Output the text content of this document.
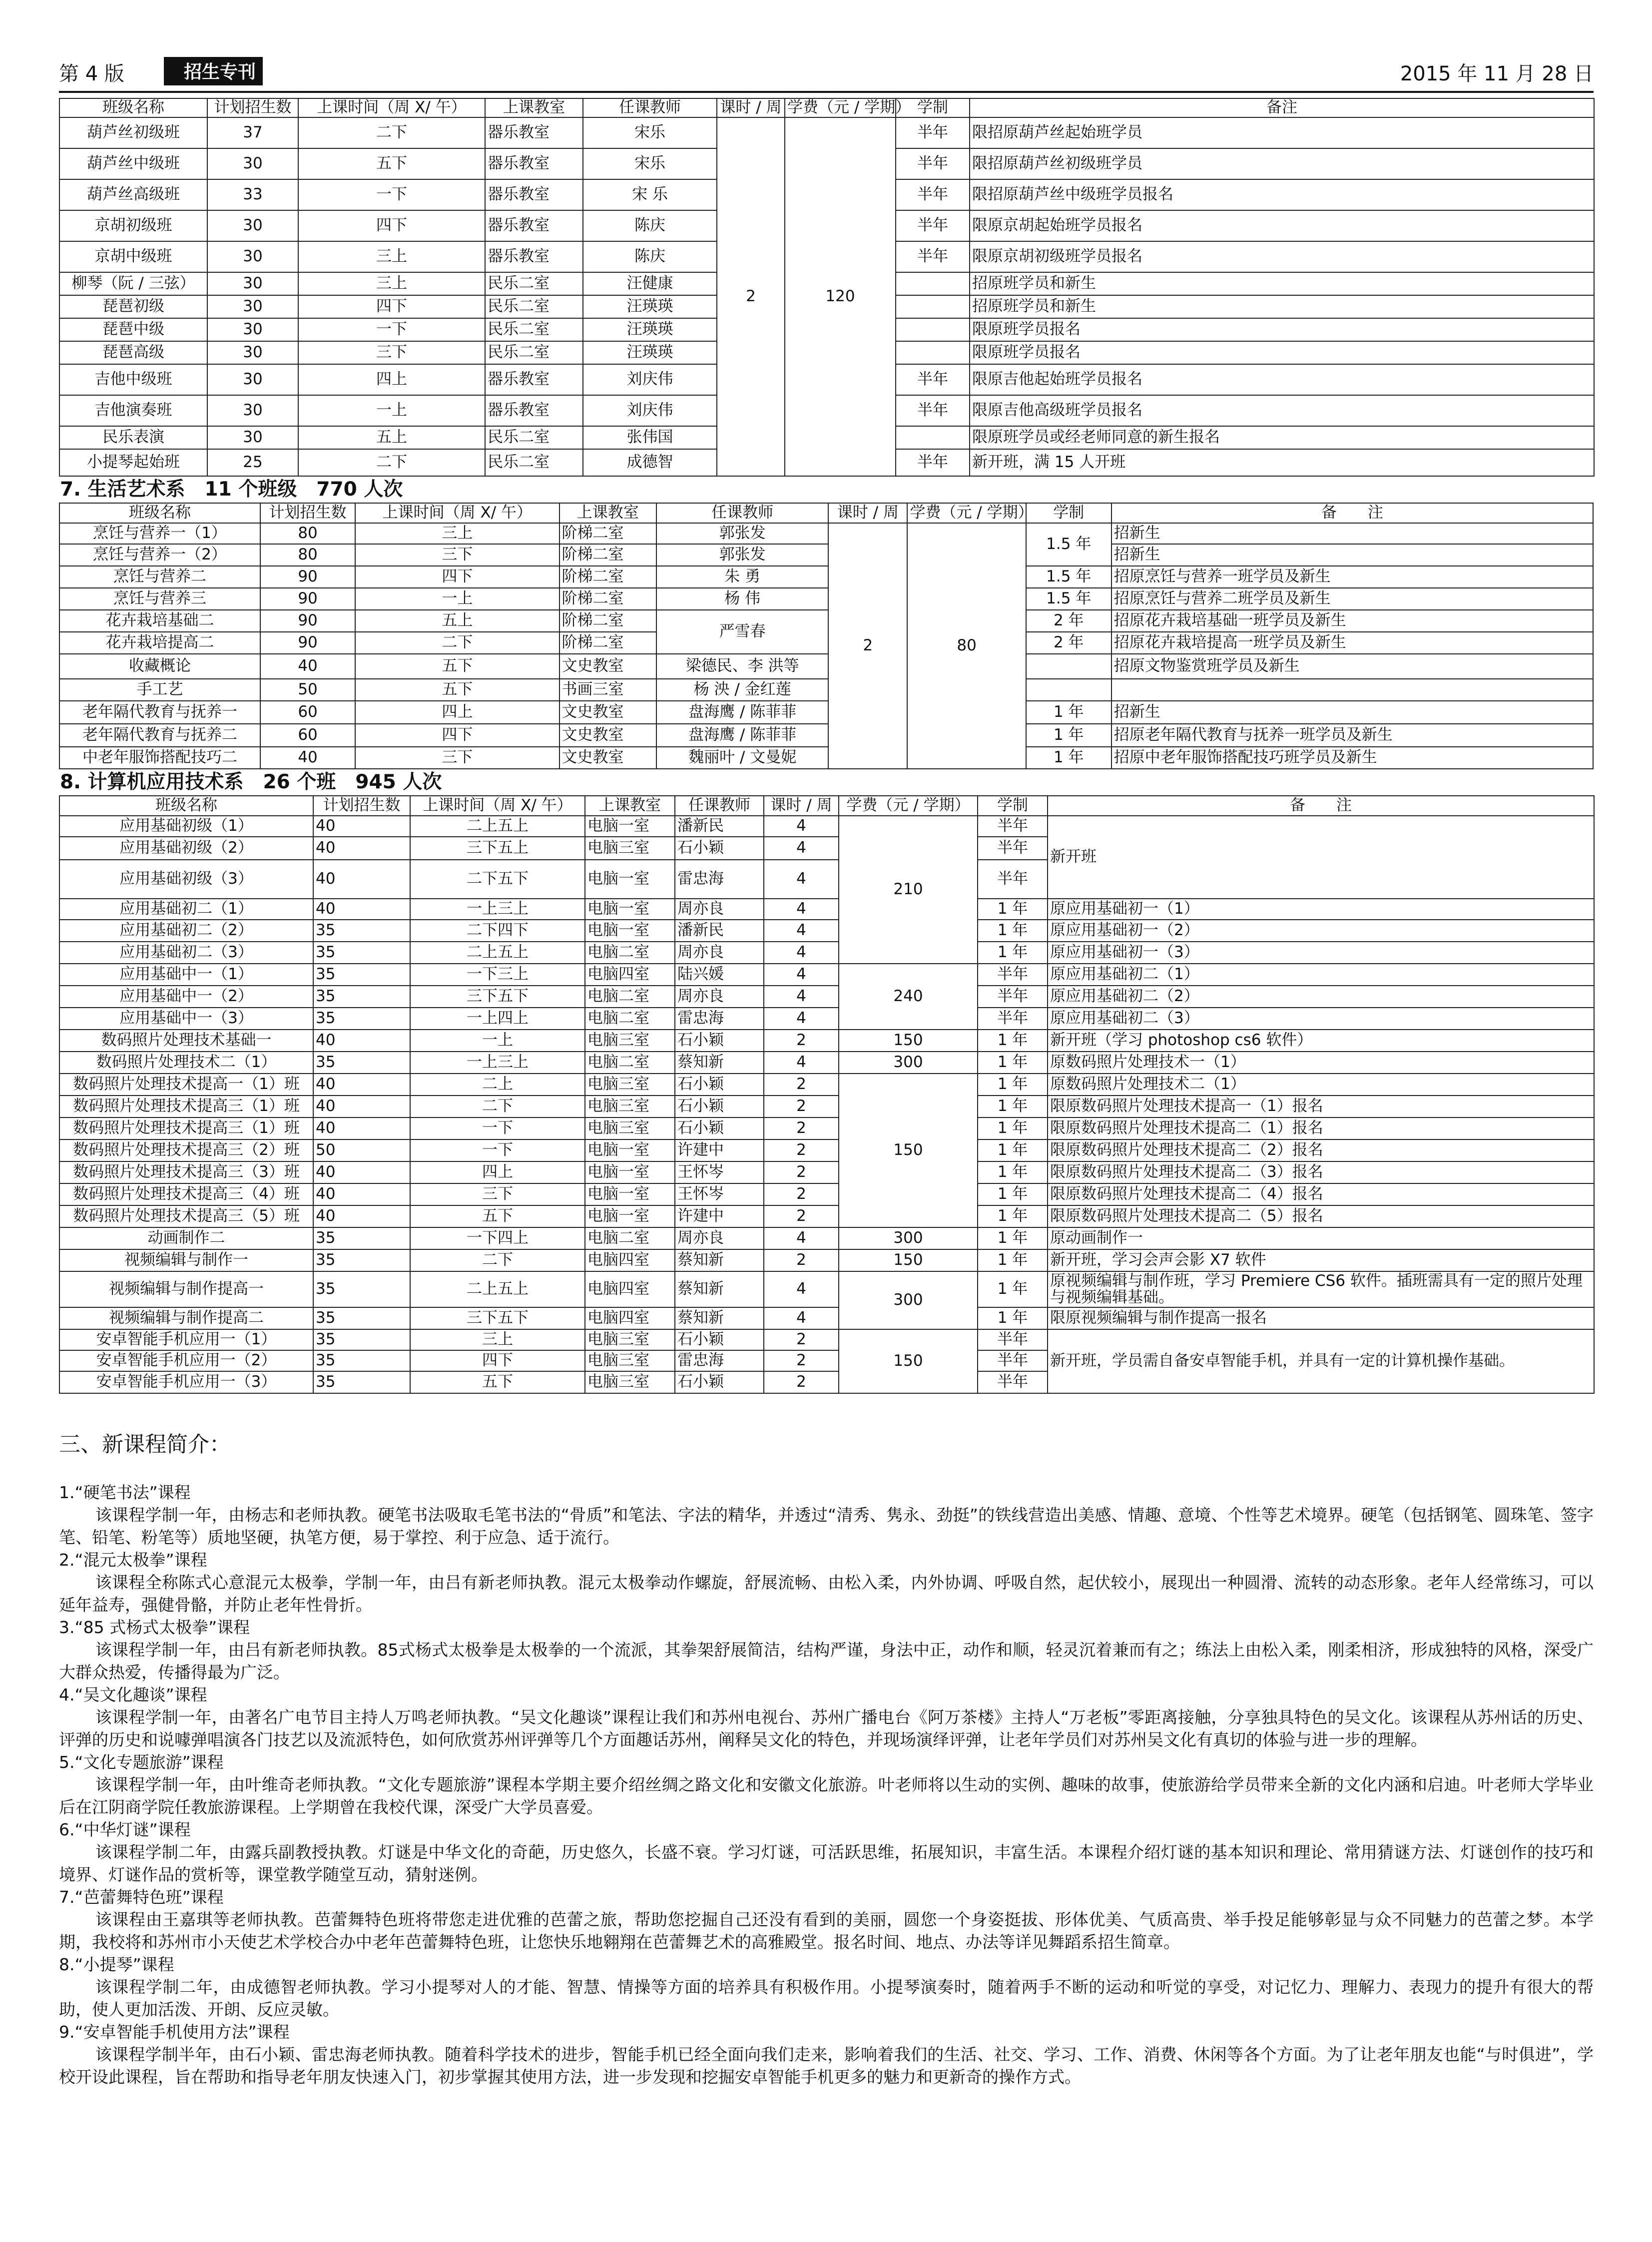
第 4 版	招生专刊	2015 年 11 月 28 日
班级名称	计划招生数	上课时间（周 X/ 午）	上课教室	任课教师	课时 / 周	学费（元 / 学期）	学制	备注
葫芦丝初级班	37	二下	器乐教室	宋乐	2	120	半年	限招原葫芦丝起始班学员
葫芦丝中级班	30	五下	器乐教室	宋乐			半年	限招原葫芦丝初级班学员
葫芦丝高级班	33	一下	器乐教室	宋 乐			半年	限招原葫芦丝中级班学员报名
京胡初级班	30	四下	器乐教室	陈庆			半年	限原京胡起始班学员报名
京胡中级班	30	三上	器乐教室	陈庆			半年	限原京胡初级班学员报名
柳琴（阮 / 三弦）	30	三上	民乐二室	汪健康				招原班学员和新生
琵琶初级	30	四下	民乐二室	汪瑛瑛				招原班学员和新生
琵琶中级	30	一下	民乐二室	汪瑛瑛				限原班学员报名
琵琶高级	30	三下	民乐二室	汪瑛瑛				限原班学员报名
吉他中级班	30	四上	器乐教室	刘庆伟			半年	限原吉他起始班学员报名
吉他演奏班	30	一上	器乐教室	刘庆伟			半年	限原吉他高级班学员报名
民乐表演	30	五上	民乐二室	张伟国				限原班学员或经老师同意的新生报名
小提琴起始班	25	二下	民乐二室	成德智			半年	新开班，满 15 人开班
7. 生活艺术系　11 个班级　770 人次
班级名称	计划招生数	上课时间（周 X/ 午）	上课教室	任课教师	课时 / 周	学费（元 / 学期）	学制	备　　注
烹饪与营养一（1）	80	三上	阶梯二室	郭张发	2	80	1.5 年	招新生
烹饪与营养一（2）	80	三下	阶梯二室	郭张发				招新生
烹饪与营养二	90	四下	阶梯二室	朱 勇			1.5 年	招原烹饪与营养一班学员及新生
烹饪与营养三	90	一上	阶梯二室	杨 伟			1.5 年	招原烹饪与营养二班学员及新生
花卉栽培基础二	90	五上	阶梯二室	严雪春			2 年	招原花卉栽培基础一班学员及新生
花卉栽培提高二	90	二下	阶梯二室				2 年	招原花卉栽培提高一班学员及新生
收藏概论	40	五下	文史教室	梁德民、李 洪等				招原文物鉴赏班学员及新生
手工艺	50	五下	书画三室	杨 泱 / 金红莲				
老年隔代教育与抚养一	60	四上	文史教室	盘海鹰 / 陈菲菲			1 年	招新生
老年隔代教育与抚养二	60	四下	文史教室	盘海鹰 / 陈菲菲			1 年	招原老年隔代教育与抚养一班学员及新生
中老年服饰搭配技巧二	40	三下	文史教室	魏丽叶 / 文曼妮			1 年	招原中老年服饰搭配技巧班学员及新生
8. 计算机应用技术系　26 个班　945 人次
班级名称	计划招生数	上课时间（周 X/ 午）	上课教室	任课教师	课时 / 周	学费（元 / 学期）	学制	备　　注
应用基础初级（1）	40	二上五上	电脑一室	潘新民	4	210	半年	新开班
应用基础初级（2）	40	三下五上	电脑三室	石小颖	4		半年	
应用基础初级（3）	40	二下五下	电脑一室	雷忠海	4		半年	
应用基础初二（1）	40	一上三上	电脑一室	周亦良	4		1 年	原应用基础初一（1）
应用基础初二（2）	35	二下四下	电脑一室	潘新民	4		1 年	原应用基础初一（2）
应用基础初二（3）	35	二上五上	电脑二室	周亦良	4		1 年	原应用基础初一（3）
应用基础中一（1）	35	一下三上	电脑四室	陆兴媛	4	240	半年	原应用基础初二（1）
应用基础中一（2）	35	三下五下	电脑二室	周亦良	4		半年	原应用基础初二（2）
应用基础中一（3）	35	一上四上	电脑二室	雷忠海	4		半年	原应用基础初二（3）
数码照片处理技术基础一	40	一上	电脑三室	石小颖	2	150	1 年	新开班（学习 photoshop cs6 软件）
数码照片处理技术二（1）	35	一上三上	电脑二室	蔡知新	4	300	1 年	原数码照片处理技术一（1）
数码照片处理技术提高一（1）班	40	二上	电脑三室	石小颖	2	150	1 年	原数码照片处理技术二（1）
数码照片处理技术提高三（1）班	40	二下	电脑三室	石小颖	2		1 年	限原数码照片处理技术提高一（1）报名
数码照片处理技术提高三（1）班	40	一下	电脑三室	石小颖	2		1 年	限原数码照片处理技术提高二（1）报名
数码照片处理技术提高三（2）班	50	一下	电脑一室	许建中	2		1 年	限原数码照片处理技术提高二（2）报名
数码照片处理技术提高三（3）班	40	四上	电脑一室	王怀岑	2		1 年	限原数码照片处理技术提高二（3）报名
数码照片处理技术提高三（4）班	40	三下	电脑一室	王怀岑	2		1 年	限原数码照片处理技术提高二（4）报名
数码照片处理技术提高三（5）班	40	五下	电脑一室	许建中	2		1 年	限原数码照片处理技术提高二（5）报名
动画制作二	35	一下四上	电脑二室	周亦良	4	300	1 年	原动画制作一
视频编辑与制作一	35	二下	电脑四室	蔡知新	2	150	1 年	新开班，学习会声会影 X7 软件
视频编辑与制作提高一	35	二上五上	电脑四室	蔡知新	4	300	1 年	原视频编辑与制作班，学习 Premiere CS6 软件。插班需具有一定的照片处理与视频编辑基础。
视频编辑与制作提高二	35	三下五下	电脑四室	蔡知新	4		1 年	限原视频编辑与制作提高一报名
安卓智能手机应用一（1）	35	三上	电脑三室	石小颖	2	150	半年	新开班，学员需自备安卓智能手机，并具有一定的计算机操作基础。
安卓智能手机应用一（2）	35	四下	电脑三室	雷忠海	2		半年	
安卓智能手机应用一（3）	35	五下	电脑三室	石小颖	2		半年	
三、新课程简介：

1.“硬笔书法”课程

该课程学制一年，由杨志和老师执教。硬笔书法吸取毛笔书法的“骨质”和笔法、字法的精华，并透过“清秀、隽永、劲挺”的铁线营造出美感、情趣、意境、个性等艺术境界。硬笔（包括钢笔、圆珠笔、签字笔、铅笔、粉笔等）质地坚硬，执笔方便，易于掌控、利于应急、适于流行。

2.“混元太极拳”课程

该课程全称陈式心意混元太极拳，学制一年，由吕有新老师执教。混元太极拳动作螺旋，舒展流畅、由松入柔，内外协调、呼吸自然，起伏较小，展现出一种圆滑、流转的动态形象。老年人经常练习，可以延年益寿，强健骨骼，并防止老年性骨折。

3.“85 式杨式太极拳”课程

该课程学制一年，由吕有新老师执教。85式杨式太极拳是太极拳的一个流派，其拳架舒展简洁，结构严谨，身法中正，动作和顺，轻灵沉着兼而有之；练法上由松入柔，刚柔相济，形成独特的风格，深受广大群众热爱，传播得最为广泛。

4.“吴文化趣谈”课程

该课程学制一年，由著名广电节目主持人万鸣老师执教。“吴文化趣谈”课程让我们和苏州电视台、苏州广播电台《阿万茶楼》主持人“万老板”零距离接触，分享独具特色的吴文化。该课程从苏州话的历史、评弹的历史和说噱弹唱演各门技艺以及流派特色，如何欣赏苏州评弹等几个方面趣话苏州，阐释吴文化的特色，并现场演绎评弹，让老年学员们对苏州吴文化有真切的体验与进一步的理解。

5.“文化专题旅游”课程

该课程学制一年，由叶维奇老师执教。“文化专题旅游”课程本学期主要介绍丝绸之路文化和安徽文化旅游。叶老师将以生动的实例、趣味的故事，使旅游给学员带来全新的文化内涵和启迪。叶老师大学毕业后在江阴商学院任教旅游课程。上学期曾在我校代课，深受广大学员喜爱。

6.“中华灯谜”课程

该课程学制二年，由露兵副教授执教。灯谜是中华文化的奇葩，历史悠久，长盛不衰。学习灯谜，可活跃思维，拓展知识，丰富生活。本课程介绍灯谜的基本知识和理论、常用猜谜方法、灯谜创作的技巧和境界、灯谜作品的赏析等，课堂教学随堂互动，猜射迷例。

7.“芭蕾舞特色班”课程

该课程由王嘉琪等老师执教。芭蕾舞特色班将带您走进优雅的芭蕾之旅，帮助您挖掘自己还没有看到的美丽，圆您一个身姿挺拔、形体优美、气质高贵、举手投足能够彰显与众不同魅力的芭蕾之梦。本学期，我校将和苏州市小天使艺术学校合办中老年芭蕾舞特色班，让您快乐地翱翔在芭蕾舞艺术的高雅殿堂。报名时间、地点、办法等详见舞蹈系招生简章。

8.“小提琴”课程

该课程学制二年，由成德智老师执教。学习小提琴对人的才能、智慧、情操等方面的培养具有积极作用。小提琴演奏时，随着两手不断的运动和听觉的享受，对记忆力、理解力、表现力的提升有很大的帮助，使人更加活泼、开朗、反应灵敏。

9.“安卓智能手机使用方法”课程

该课程学制半年，由石小颖、雷忠海老师执教。随着科学技术的进步，智能手机已经全面向我们走来，影响着我们的生活、社交、学习、工作、消费、休闲等各个方面。为了让老年朋友也能“与时俱进”，学校开设此课程，旨在帮助和指导老年朋友快速入门，初步掌握其使用方法，进一步发现和挖掘安卓智能手机更多的魅力和更新奇的操作方式。
